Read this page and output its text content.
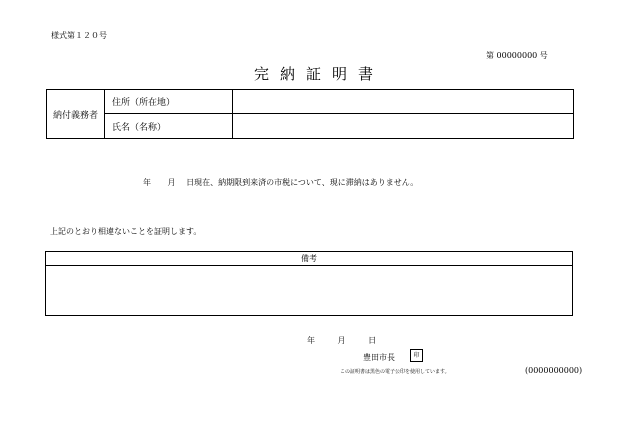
様式第１２０号
第 00000000 号
完納証明書
納付義務者
住所（所在地）
氏名（名称）
年 月 日現在、納期限到来済の市税について、現に滞納はありません。
上記のとおり相違ないことを証明します。
備考
年	月	日
豊田市長	印
この証明書は黒色の電子公印を使用しています。	(0000000000)
